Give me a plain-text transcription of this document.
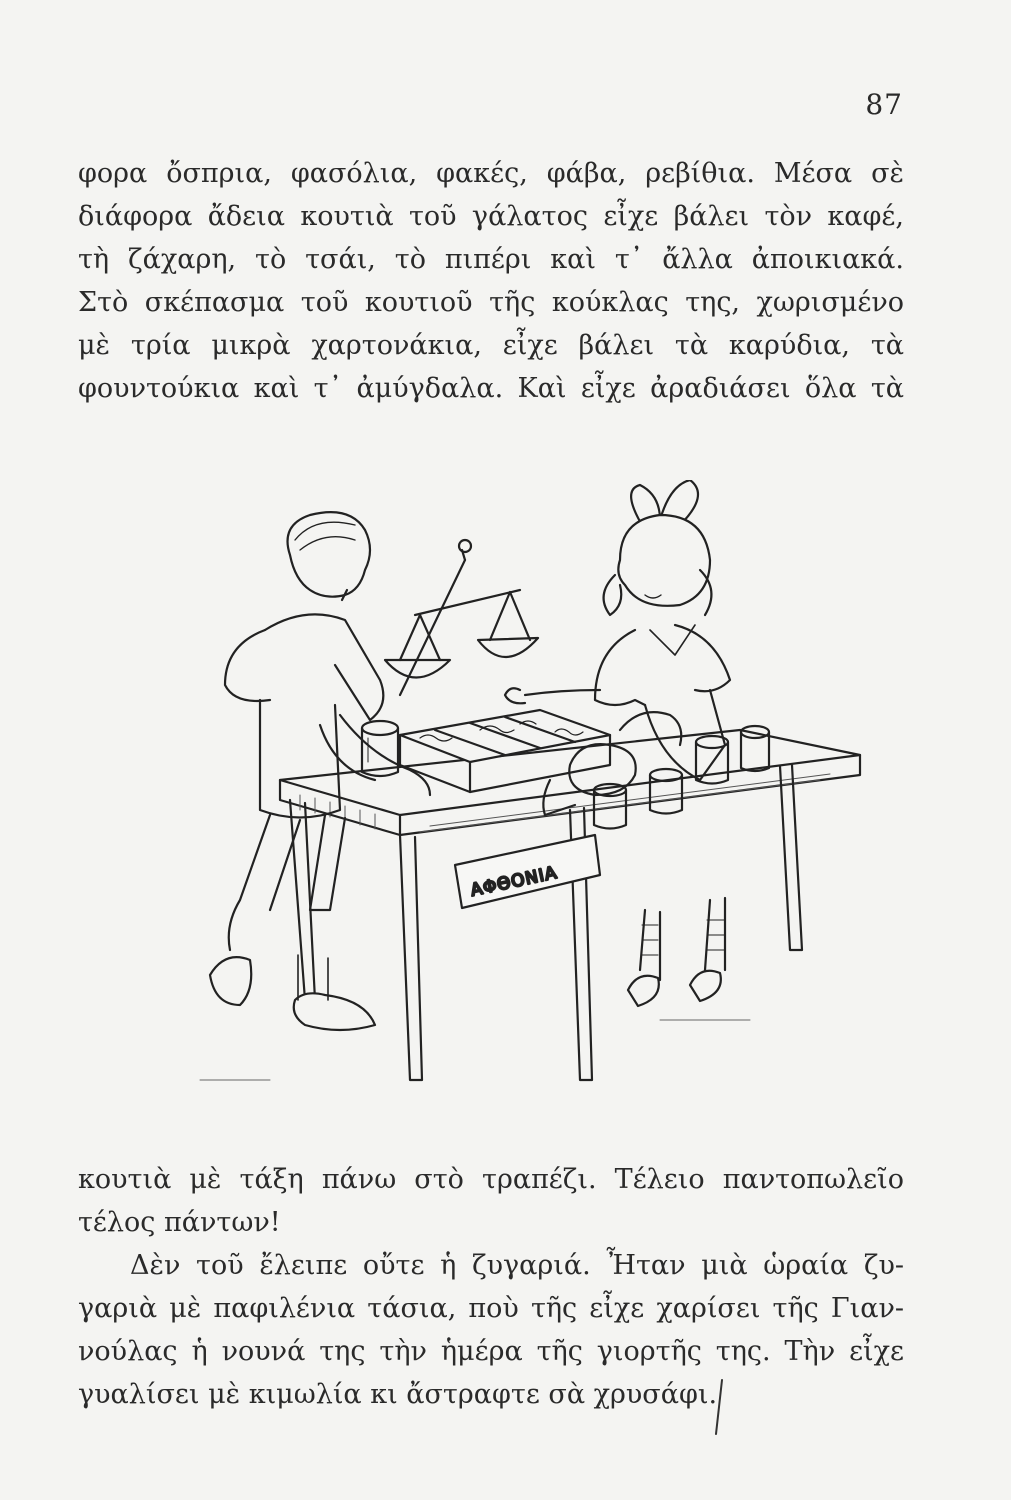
87
φορα ὄσπρια, φασόλια, φακές, φάβα, ρεβίθια. Μέσα σὲ
διάφορα ἄδεια κουτιὰ τοῦ γάλατος εἶχε βάλει τὸν καφέ,
τὴ ζάχαρη, τὸ τσάι, τὸ πιπέρι καὶ τ᾿ ἄλλα ἀποικιακά.
Στὸ σκέπασμα τοῦ κουτιοῦ τῆς κούκλας της, χωρισμένο
μὲ τρία μικρὰ χαρτονάκια, εἶχε βάλει τὰ καρύδια, τὰ
φουντούκια καὶ τ᾿ ἀμύγδαλα. Καὶ εἶχε ἀραδιάσει ὅλα τὰ
ΑΦΘΟΝΙΑ
κουτιὰ μὲ τάξη πάνω στὸ τραπέζι. Τέλειο παντοπωλεῖο
τέλος πάντων!
Δὲν τοῦ ἔλειπε οὔτε ἡ ζυγαριά. Ἦταν μιὰ ὡραία ζυ-
γαριὰ μὲ παφιλένια τάσια, ποὺ τῆς εἶχε χαρίσει τῆς Γιαν-
νούλας ἡ νουνά της τὴν ἡμέρα τῆς γιορτῆς της. Τὴν εἶχε
γυαλίσει μὲ κιμωλία κι ἄστραφτε σὰ χρυσάφι.
